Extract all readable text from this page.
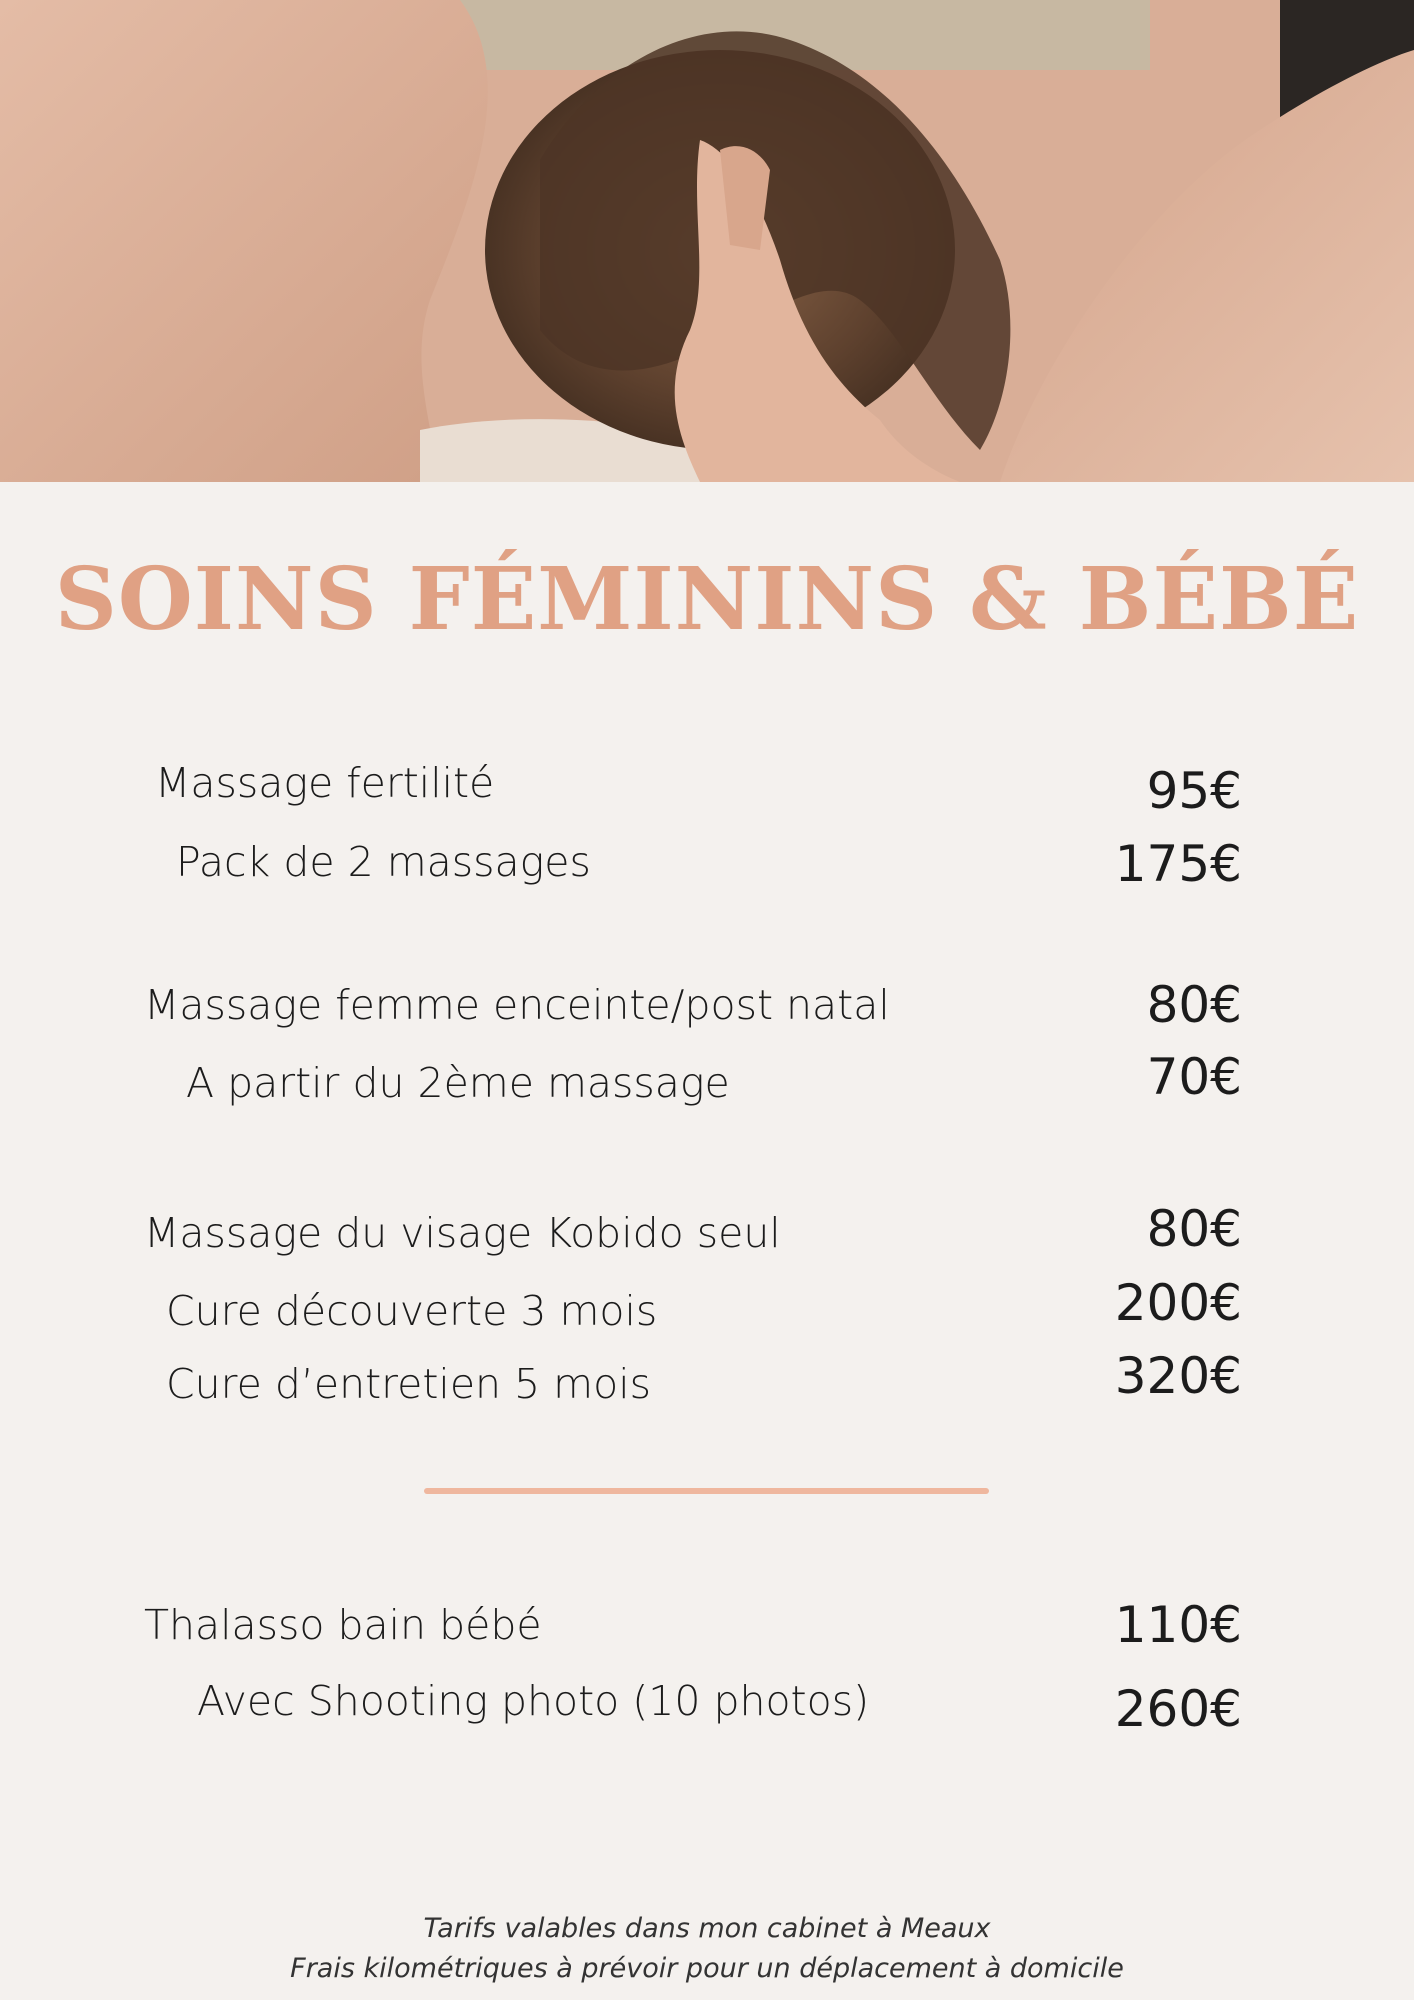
SOINS FÉMININS & BÉBÉ
Massage fertilité	95€
Pack de 2 massages	175€
Massage femme enceinte/post natal	80€
A partir du 2ème massage	70€
Massage du visage Kobido seul	80€
Cure découverte 3 mois	200€
Cure d’entretien 5 mois	320€
Thalasso bain bébé	110€
Avec Shooting photo (10 photos)	260€
Tarifs valables dans mon cabinet à Meaux
Frais kilométriques à prévoir pour un déplacement à domicile
